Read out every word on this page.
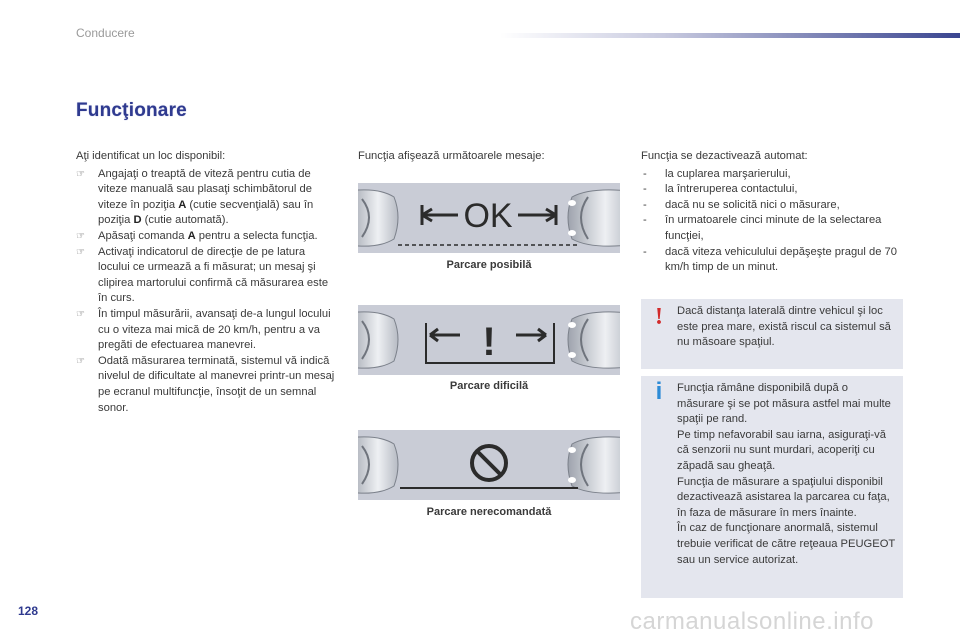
Conducere
Funcţionare

Aţi identificat un loc disponibil:

☞ Angajaţi o treaptă de viteză pentru cutia de viteze manuală sau plasaţi schimbătorul de viteze în poziţia A (cutie secvenţială) sau în poziţia D (cutie automată).

☞ Apăsaţi comanda A pentru a selecta funcţia.

☞ Activaţi indicatorul de direcţie de pe latura locului ce urmează a fi măsurat; un mesaj şi clipirea martorului confirmă că măsurarea este în curs.

☞ În timpul măsurării, avansaţi de-a lungul locului cu o viteza mai mică de 20 km/h, pentru a va pregăti de efectuarea manevrei.

☞ Odată măsurarea terminată, sistemul vă indică nivelul de dificultate al manevrei printr-un mesaj pe ecranul multifuncţie, însoţit de un semnal sonor.

Funcţia afişează următoarele mesaje:
OK
Parcare posibilă
!
Parcare dificilă
Parcare nerecomandată

Funcţia se dezactivează automat:

- la cuplarea marşarierului,

- la întreruperea contactului,

- dacă nu se solicită nici o măsurare,

- în urmatoarele cinci minute de la selectarea funcţiei,

- dacă viteza vehiculului depăşeşte pragul de 70 km/h timp de un minut.

!	Dacă distanţa laterală dintre vehicul şi loc este prea mare, există riscul ca sistemul să nu măsoare spaţiul.
i	Funcţia rămâne disponibilă după o măsurare şi se pot măsura astfel mai multe spaţii pe rand.
Pe timp nefavorabil sau iarna, asiguraţi-vă că senzorii nu sunt murdari, acoperiţi cu zăpadă sau gheaţă.
Funcţia de măsurare a spaţiului disponibil dezactivează asistarea la parcarea cu faţa, în faza de măsurare în mers înainte.
În caz de funcţionare anormală, sistemul trebuie verificat de către reţeaua PEUGEOT sau un service autorizat.
128	carmanualsonline.info
